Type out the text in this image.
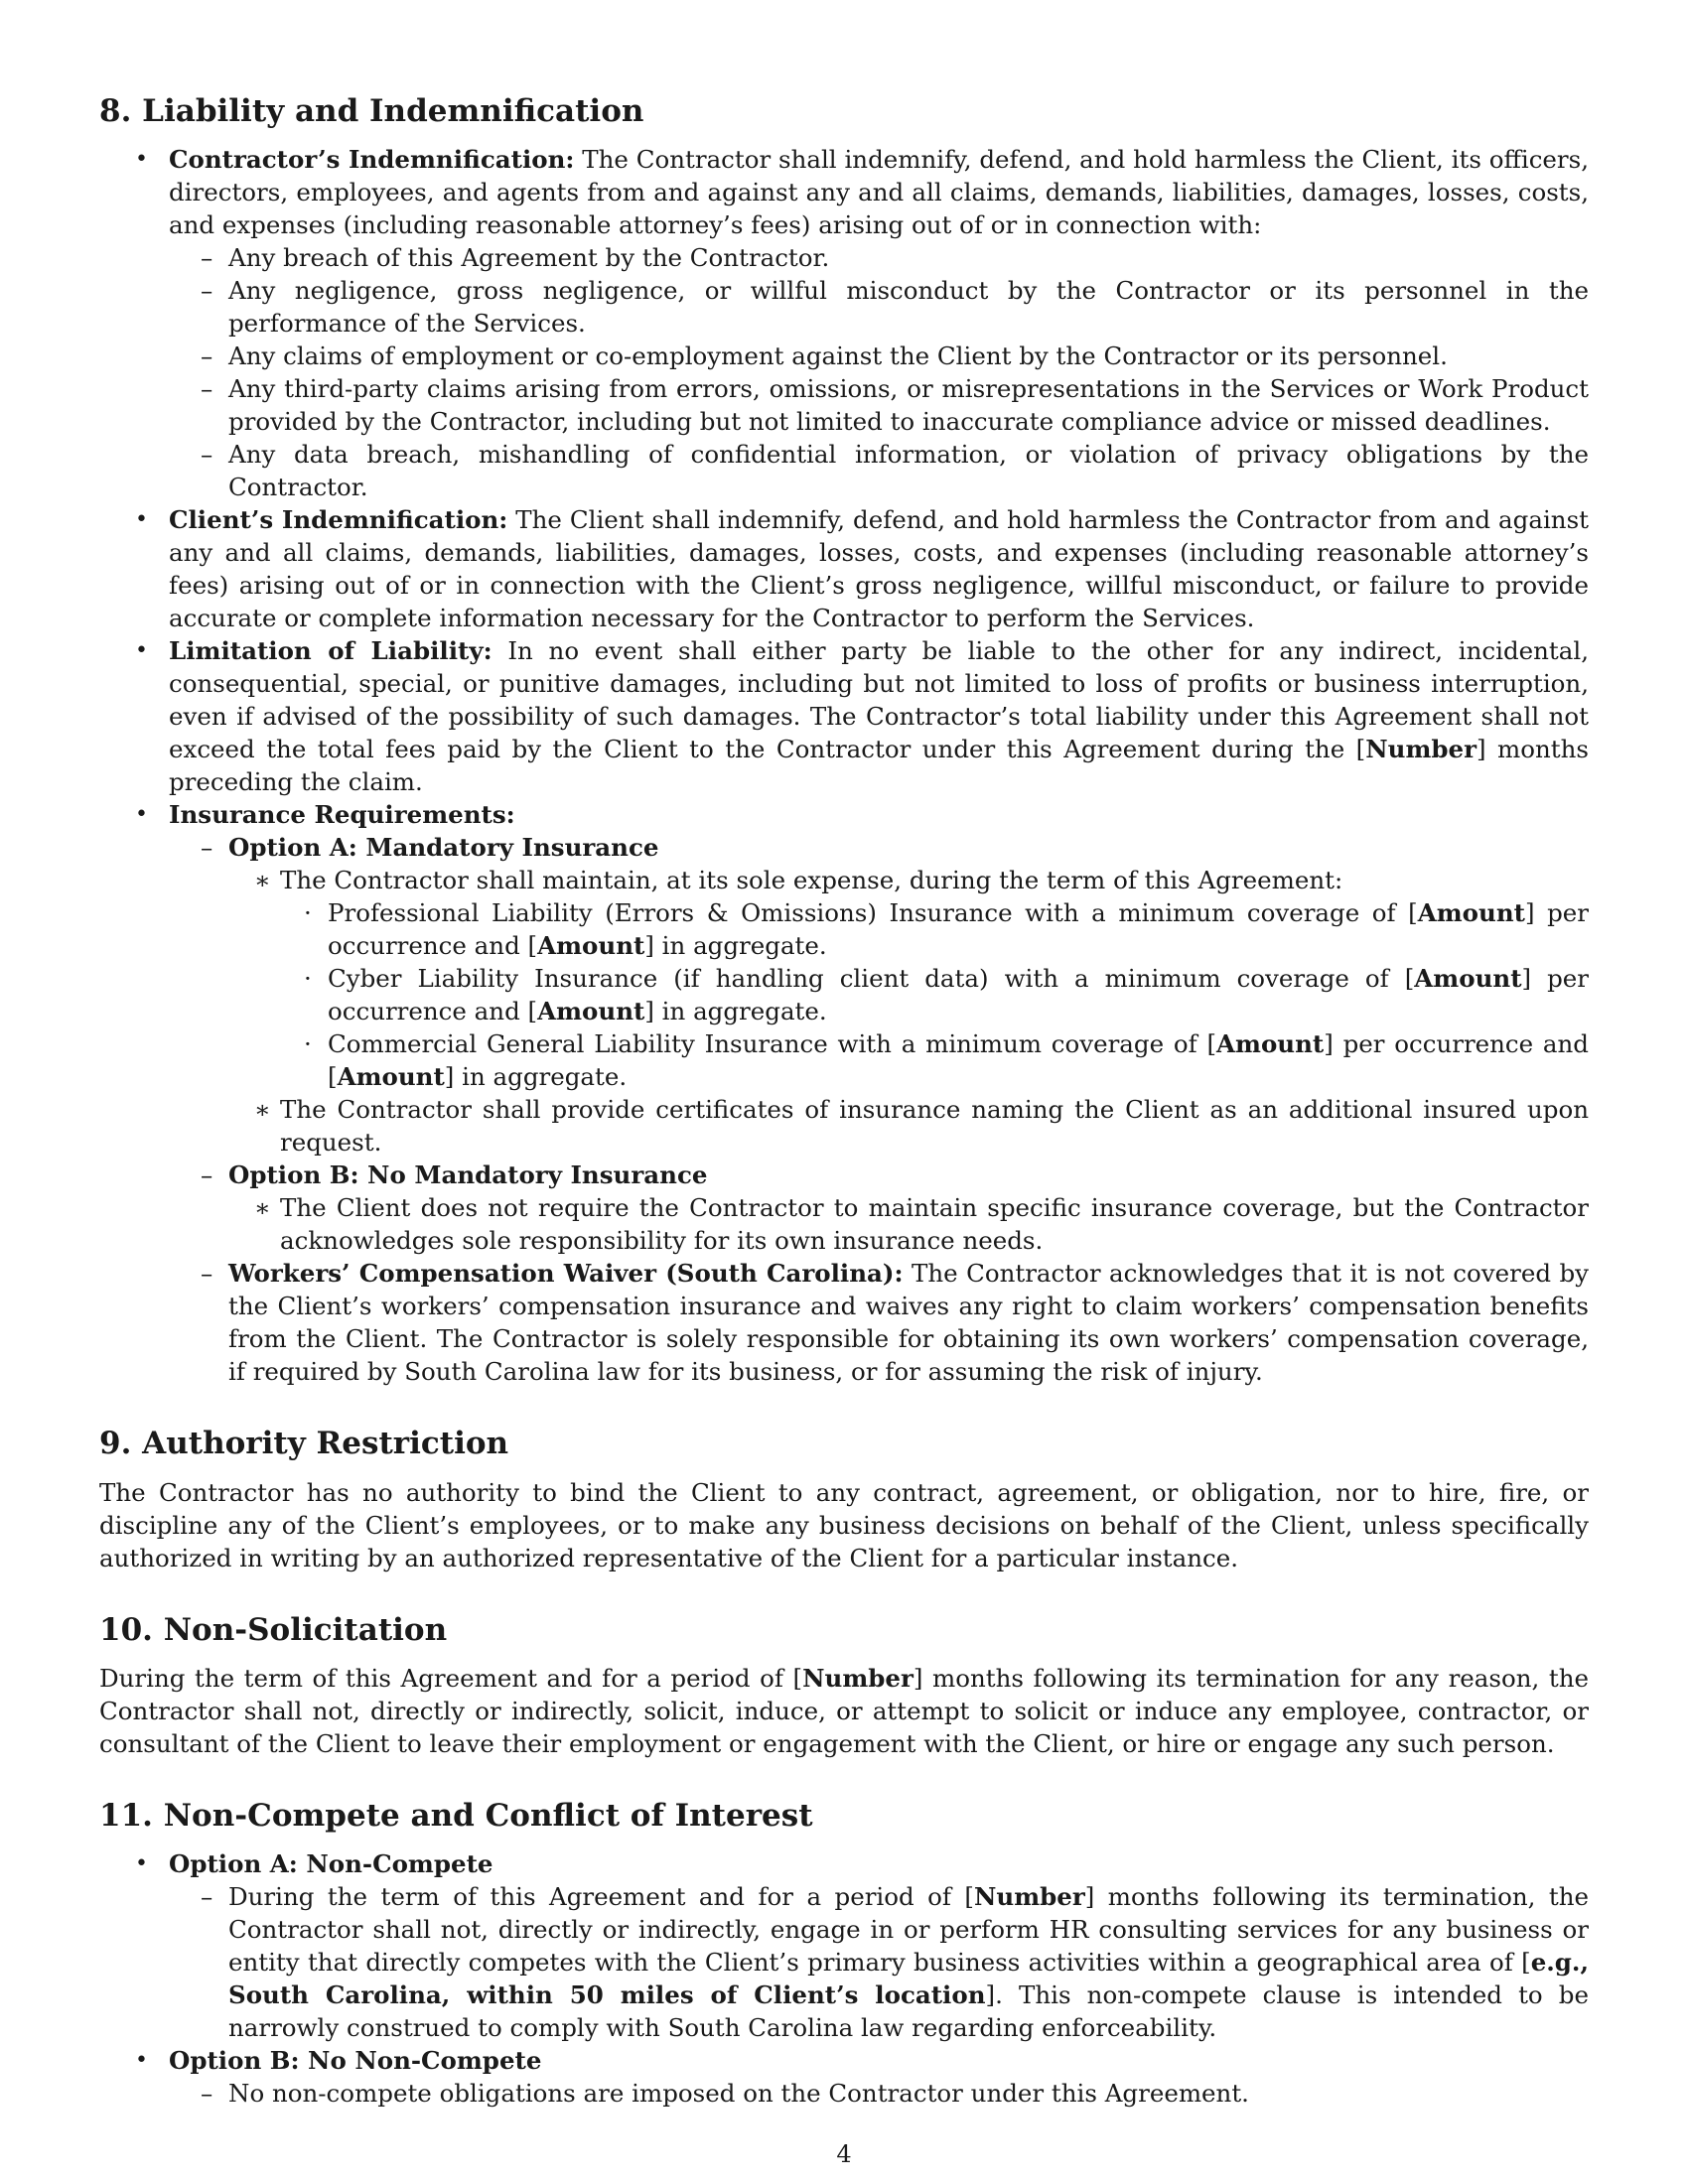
8. Liability and Indemnification
• Contractor’s Indemnification: The Contractor shall indemnify, defend, and hold harmless the Client, its officers, directors, employees, and agents from and against any and all claims, demands, liabilities, damages, losses, costs, and expenses (including reasonable attorney’s fees) arising out of or in connection with:
– Any breach of this Agreement by the Contractor.
– Any negligence, gross negligence, or willful misconduct by the Contractor or its personnel in the performance of the Services.
– Any claims of employment or co-employment against the Client by the Contractor or its personnel.
– Any third-party claims arising from errors, omissions, or misrepresentations in the Services or Work Product provided by the Contractor, including but not limited to inaccurate compliance advice or missed deadlines.
– Any data breach, mishandling of confidential information, or violation of privacy obligations by the Contractor.
• Client’s Indemnification: The Client shall indemnify, defend, and hold harmless the Contractor from and against any and all claims, demands, liabilities, damages, losses, costs, and expenses (including reasonable attorney’s fees) arising out of or in connection with the Client’s gross negligence, willful misconduct, or failure to provide accurate or complete information necessary for the Contractor to perform the Services.
• Limitation of Liability: In no event shall either party be liable to the other for any indirect, incidental, consequential, special, or punitive damages, including but not limited to loss of profits or business interruption, even if advised of the possibility of such damages. The Contractor’s total liability under this Agreement shall not exceed the total fees paid by the Client to the Contractor under this Agreement during the [Number] months preceding the claim.
• Insurance Requirements:
– Option A: Mandatory Insurance
∗ The Contractor shall maintain, at its sole expense, during the term of this Agreement:
· Professional Liability (Errors & Omissions) Insurance with a minimum coverage of [Amount] per occurrence and [Amount] in aggregate.
· Cyber Liability Insurance (if handling client data) with a minimum coverage of [Amount] per occurrence and [Amount] in aggregate.
· Commercial General Liability Insurance with a minimum coverage of [Amount] per occurrence and [Amount] in aggregate.
∗ The Contractor shall provide certificates of insurance naming the Client as an additional insured upon request.
– Option B: No Mandatory Insurance
∗ The Client does not require the Contractor to maintain specific insurance coverage, but the Contractor acknowledges sole responsibility for its own insurance needs.
– Workers’ Compensation Waiver (South Carolina): The Contractor acknowledges that it is not covered by the Client’s workers’ compensation insurance and waives any right to claim workers’ compensation benefits from the Client. The Contractor is solely responsible for obtaining its own workers’ compensation coverage, if required by South Carolina law for its business, or for assuming the risk of injury.
9. Authority Restriction

The Contractor has no authority to bind the Client to any contract, agreement, or obligation, nor to hire, fire, or discipline any of the Client’s employees, or to make any business decisions on behalf of the Client, unless specifically authorized in writing by an authorized representative of the Client for a particular instance.

10. Non-Solicitation

During the term of this Agreement and for a period of [Number] months following its termination for any reason, the Contractor shall not, directly or indirectly, solicit, induce, or attempt to solicit or induce any employee, contractor, or consultant of the Client to leave their employment or engagement with the Client, or hire or engage any such person.

11. Non-Compete and Conflict of Interest
• Option A: Non-Compete
– During the term of this Agreement and for a period of [Number] months following its termination, the Contractor shall not, directly or indirectly, engage in or perform HR consulting services for any business or entity that directly competes with the Client’s primary business activities within a geographical area of [e.g., South Carolina, within 50 miles of Client’s location]. This non-compete clause is intended to be narrowly construed to comply with South Carolina law regarding enforceability.
• Option B: No Non-Compete
– No non-compete obligations are imposed on the Contractor under this Agreement.
4
